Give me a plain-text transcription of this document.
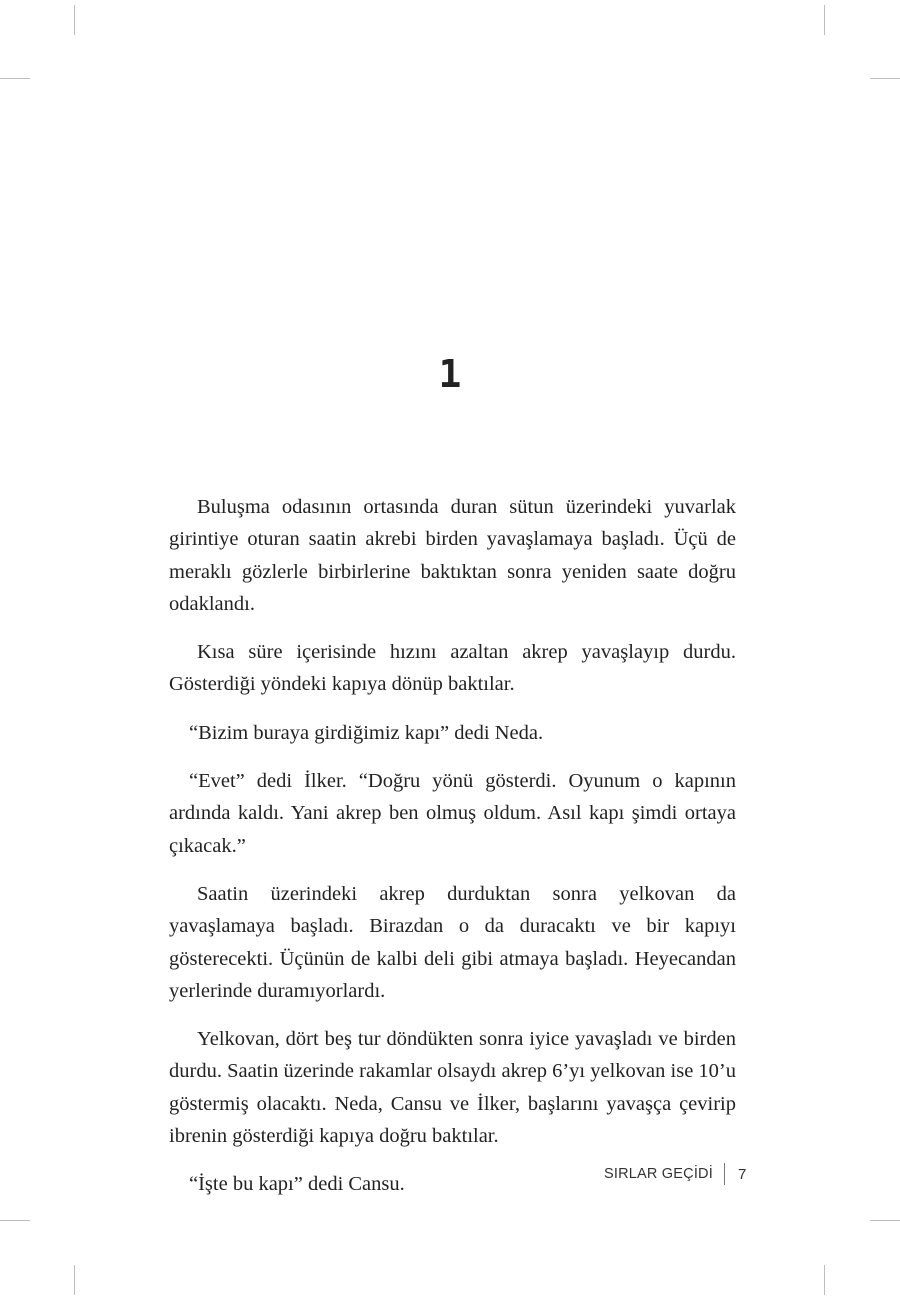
1

Buluşma odasının ortasında duran sütun üzerindeki yuvarlak girintiye oturan saatin akrebi birden yavaşlamaya başladı. Üçü de meraklı gözlerle birbirlerine baktıktan sonra yeniden saate doğru odaklandı.

Kısa süre içerisinde hızını azaltan akrep yavaşlayıp durdu. Gösterdiği yöndeki kapıya dönüp baktılar.

“Bizim buraya girdiğimiz kapı” dedi Neda.

“Evet” dedi İlker. “Doğru yönü gösterdi. Oyunum o kapının ardında kaldı. Yani akrep ben olmuş oldum. Asıl kapı şimdi ortaya çıkacak.”

Saatin üzerindeki akrep durduktan sonra yelkovan da yavaşlamaya başladı. Birazdan o da duracaktı ve bir kapıyı gösterecekti. Üçünün de kalbi deli gibi atmaya başladı. Heyecandan yerlerinde duramıyorlardı.

Yelkovan, dört beş tur döndükten sonra iyice yavaşladı ve birden durdu. Saatin üzerinde rakamlar olsaydı akrep 6’yı yelkovan ise 10’u göstermiş olacaktı. Neda, Cansu ve İlker, başlarını yavaşça çevirip ibrenin gösterdiği kapıya doğru baktılar.

“İşte bu kapı” dedi Cansu.	SIRLAR GEÇİDİ 7
